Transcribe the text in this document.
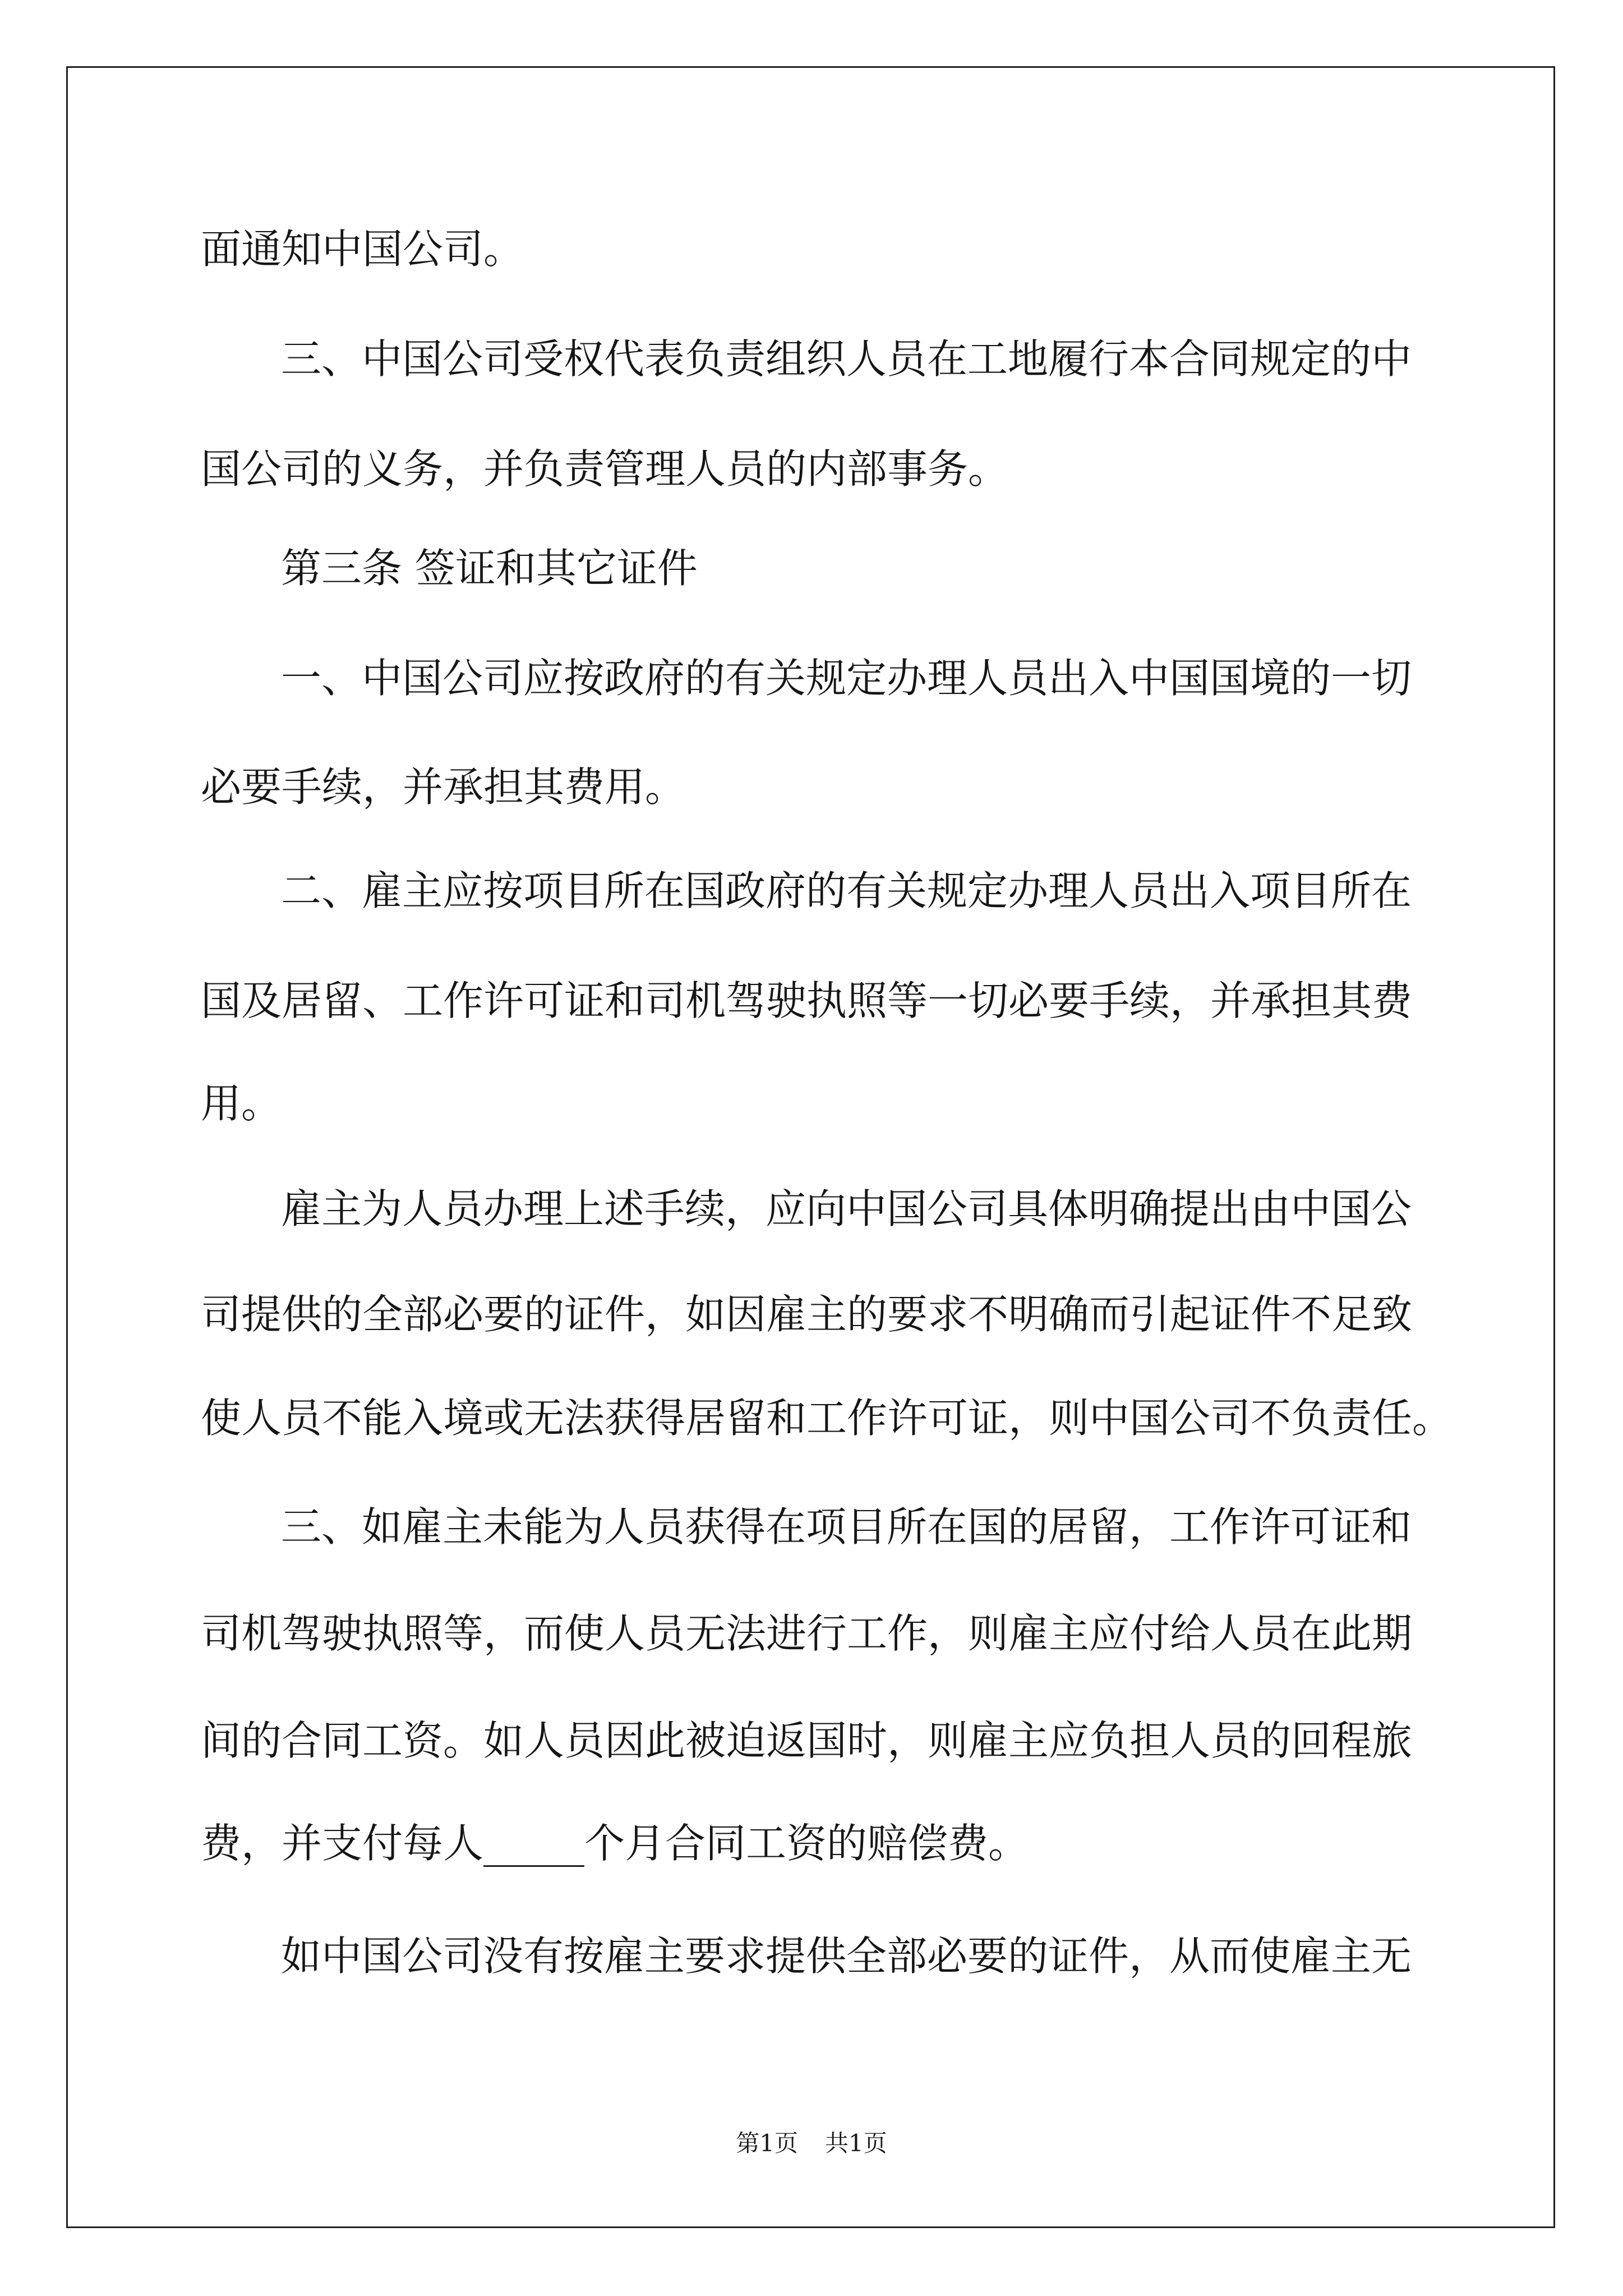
面通知中国公司。
三、中国公司受权代表负责组织人员在工地履行本合同规定的中
国公司的义务，并负责管理人员的内部事务。
第三条 签证和其它证件
一、中国公司应按政府的有关规定办理人员出入中国国境的一切
必要手续，并承担其费用。
二、雇主应按项目所在国政府的有关规定办理人员出入项目所在
国及居留、工作许可证和司机驾驶执照等一切必要手续，并承担其费
用。
雇主为人员办理上述手续，应向中国公司具体明确提出由中国公
司提供的全部必要的证件，如因雇主的要求不明确而引起证件不足致
使人员不能入境或无法获得居留和工作许可证，则中国公司不负责任。
三、如雇主未能为人员获得在项目所在国的居留，工作许可证和
司机驾驶执照等，而使人员无法进行工作，则雇主应付给人员在此期
间的合同工资。如人员因此被迫返国时，则雇主应负担人员的回程旅
费，并支付每人_____个月合同工资的赔偿费。
如中国公司没有按雇主要求提供全部必要的证件，从而使雇主无
第1页 共1页
